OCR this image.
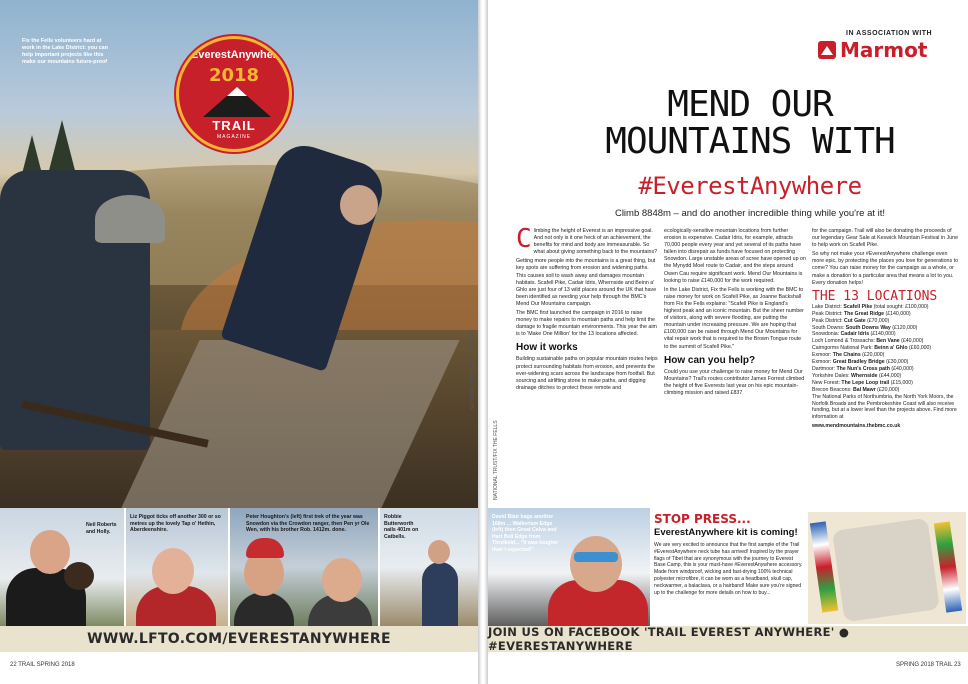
Fix the Fells volunteers hard at work in the Lake District: you can help important projects like this make our mountains future-proof
#EverestAnywhere
2018
TRAIL
MAGAZINE
Neil Roberts and Holly.
Liz Piggot ticks off another 300 or so metres up the lovely Tap o' Hethin, Aberdeenshire.
Peter Houghton's (left) first trek of the year was Snowdon via the Crowdon ranger, then Pen yr Ole Wen, with his brother Rob. 1412m. done.
Robbie Butterworth nails 401m on Catbells.
WWW.LFTO.COM/EVERESTANYWHERE
22 TRAIL SPRING 2018
NATIONAL TRUST/FIX THE FELLS
IN ASSOCIATION WITH
Marmot
MEND OUR
MOUNTAINS WITH
#EverestAnywhere
Climb 8848m – and do another incredible thing while you're at it!

Climbing the height of Everest is an impressive goal. And not only is it one heck of an achievement, the benefits for mind and body are immeasurable. So what about giving something back to the mountains?

Getting more people into the mountains is a great thing, but key spots are suffering from erosion and widening paths. This causes soil to wash away and damages mountain habitats. Scafell Pike, Cadair Idris, Whernside and Beinn a' Ghlo are just four of 13 wild places around the UK that have been identified as needing your help through the BMC's Mend Our Mountains campaign.

The BMC first launched the campaign in 2016 to raise money to make repairs to mountain paths and help limit the damage to fragile mountain environments. This year the aim is to 'Make One Million' for the 13 locations affected.

How it works

Building sustainable paths on popular mountain routes helps protect surrounding habitats from erosion, and prevents the ever-widening scars across the landscape from footfall. But sourcing and airlifting stone to make paths, and digging drainage ditches to protect these remote and

ecologically-sensitive mountain locations from further erosion is expensive. Cadair Idris, for example, attracts 70,000 people every year and yet several of its paths have fallen into disrepair as funds have focused on protecting Snowdon. Large unstable areas of scree have opened up on the Mynydd Moel route to Cadair, and the steps around Owen Cau require significant work. Mend Our Mountains is looking to raise £140,000 for the work required.

In the Lake District, Fix the Fells is working with the BMC to raise money for work on Scafell Pike, as Joanne Backshall from Fix the Fells explains: "Scafell Pike is England's highest peak and an iconic mountain. But the sheer number of visitors, along with severe flooding, are putting the mountain under increasing pressure. We are hoping that £100,000 can be raised through Mend Our Mountains for vital repair work that is required to the Brown Tongue route to the summit of Scafell Pike."

How can you help?

Could you use your challenge to raise money for Mend Our Mountains? Trail's routes contributor James Forrest climbed the height of five Everests last year on his epic mountain-climbing mission and raised £837

for the campaign. Trail will also be donating the proceeds of our legendary Gear Sale at Keswick Mountain Festival in June to help work on Scafell Pike.

So why not make your #EverestAnywhere challenge even more epic, by protecting the places you love for generations to come? You can raise money for the campaign as a whole, or make a donation to a particular area that means a lot to you. Every donation helps!

THE 13 LOCATIONS
Lake District: Scafell Pike (total sought: £100,000)
Peak District: The Great Ridge (£140,000)
Peak District: Cut Gate (£70,000)
South Downs: South Downs Way (£120,000)
Snowdonia: Cadair Idris (£140,000)
Loch Lomond & Trossachs: Ben Vane (£40,000)
Cairngorms National Park: Beinn a' Ghlo (£60,000)
Exmoor: The Chains (£20,000)
Exmoor: Great Bradley Bridge (£30,000)
Dartmoor: The Nun's Cross path (£40,000)
Yorkshire Dales: Whernside (£44,000)
New Forest: The Lepe Loop trail (£15,000)
Brecon Beacons: Bal Mawr (£20,000)

The National Parks of Northumbria, the North York Moors, the Norfolk Broads and the Pembrokeshire Coast will also receive funding, but at a lower level than the projects above. Find more information at

www.mendmountains.thebmc.co.uk

NATIONAL TRUST/FIX THE FELLS
David Blair bags another 168m ... Walkerlam Edge (left) then Great Calva and Hart Bell Edge from Threlkeld... "It was tougher than I expected!"
STOP PRESS...
EverestAnywhere kit is coming!

We are very excited to announce that the first sample of the Trail #EverestAnywhere neck tube has arrived! Inspired by the prayer flags of Tibet that are synonymous with the journey to Everest Base Camp, this is your must-have #EverestAnywhere accessory. Made from windproof, wicking and fast-drying 100% technical polyester microfibre, it can be worn as a headband, skull cap, neckwarmer, a balaclava, or a hairband! Make sure you're signed up to the challenge for more details on how to buy...

JOIN US ON FACEBOOK 'TRAIL EVEREST ANYWHERE' ● #EVERESTANYWHERE
SPRING 2018 TRAIL 23
